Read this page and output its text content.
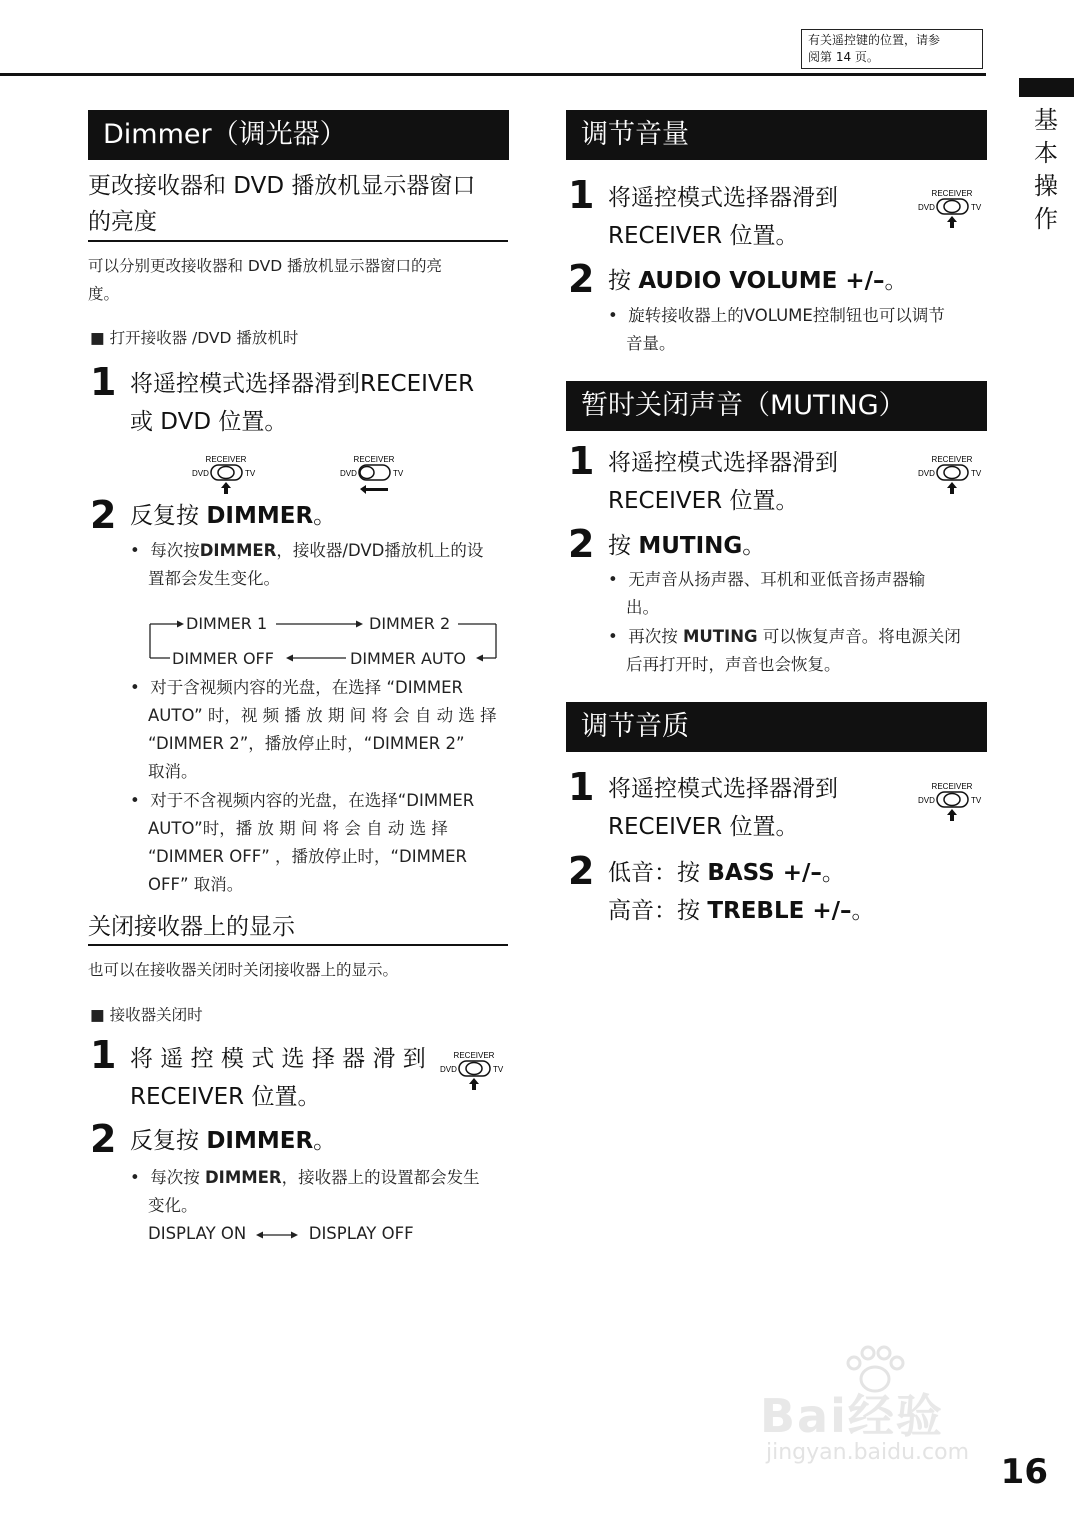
有关遥控键的位置，请参
阅第 14 页。
基本操作
Dimmer（调光器）
更改接收器和 DVD 播放机显示器窗口
的亮度
可以分别更改接收器和 DVD 播放机显示器窗口的亮
度。
■ 打开接收器 /DVD 播放机时
1 将遥控模式选择器滑到RECEIVER
或 DVD 位置。
RECEIVER
DVD	TV
RECEIVER
DVD	TV
2 反复按 DIMMER。
•  每次按DIMMER，接收器/DVD播放机上的设
置都会发生变化。
DIMMER 1	DIMMER 2
DIMMER OFF	DIMMER AUTO
•  对于含视频内容的光盘，在选择 “DIMMER
AUTO” 时，视 频 播 放 期 间 将 会 自 动 选 择
“DIMMER 2”，播放停止时，“DIMMER 2”
取消。
•  对于不含视频内容的光盘，在选择“DIMMER
AUTO”时，播 放 期 间 将 会 自 动 选 择
“DIMMER OFF” ，播放停止时，“DIMMER
OFF” 取消。
关闭接收器上的显示
也可以在接收器关闭时关闭接收器上的显示。
■ 接收器关闭时
1 将 遥 控 模 式 选 择 器 滑 到
RECEIVER 位置。
RECEIVER
DVD	TV
2 反复按 DIMMER。
•  每次按 DIMMER，接收器上的设置都会发生
变化。
DISPLAY ON	DISPLAY OFF
调节音量
1 将遥控模式选择器滑到
RECEIVER 位置。
RECEIVER
DVD	TV
2 按 AUDIO VOLUME +/–。
•  旋转接收器上的VOLUME控制钮也可以调节
音量。
暂时关闭声音（MUTING）
1 将遥控模式选择器滑到
RECEIVER 位置。
RECEIVER
DVD	TV
2 按 MUTING。
•  无声音从扬声器、耳机和亚低音扬声器输
出。
•  再次按 MUTING 可以恢复声音。将电源关闭
后再打开时，声音也会恢复。
调节音质
1 将遥控模式选择器滑到
RECEIVER 位置。
RECEIVER
DVD	TV
2 低音：按 BASS +/–。
高音：按 TREBLE +/–。
Bai经验
jingyan.baidu.com 16
